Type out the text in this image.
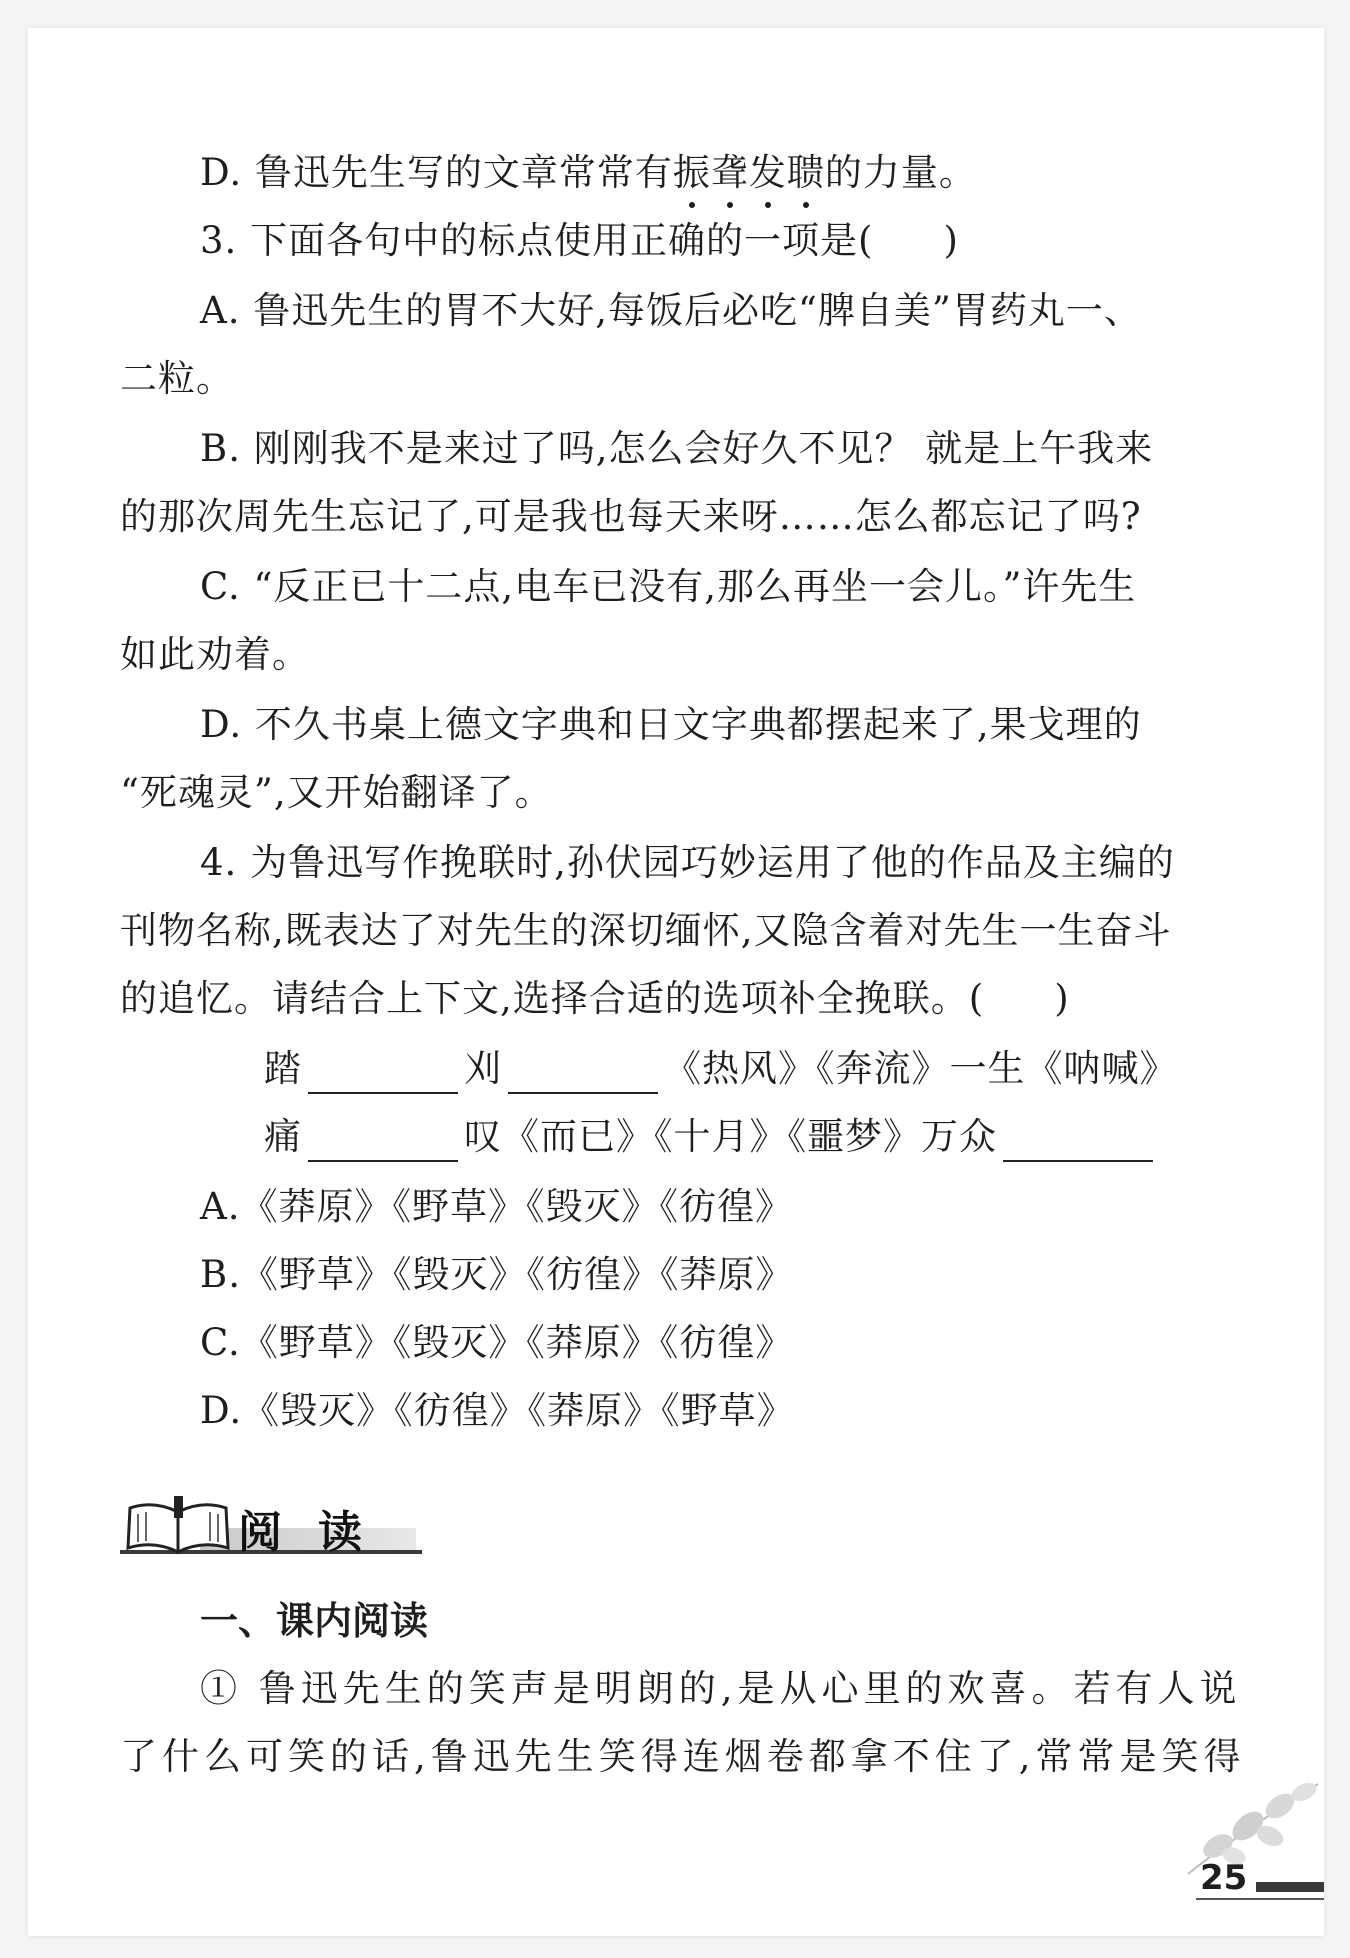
D. 鲁迅先生写的文章常常有振聋发聩的力量。
3. 下面各句中的标点使用正确的一项是( )
A. 鲁迅先生的胃不大好,每饭后必吃“脾自美”胃药丸一、
二粒。
B. 刚刚我不是来过了吗,怎么会好久不见？ 就是上午我来
的那次周先生忘记了,可是我也每天来呀……怎么都忘记了吗?
C. “反正已十二点,电车已没有,那么再坐一会儿。”许先生
如此劝着。
D. 不久书桌上德文字典和日文字典都摆起来了,果戈理的
“死魂灵”,又开始翻译了。
4. 为鲁迅写作挽联时,孙伏园巧妙运用了他的作品及主编的
刊物名称,既表达了对先生的深切缅怀,又隐含着对先生一生奋斗
的追忆。请结合上下文,选择合适的选项补全挽联。( )
踏	刈	《热风》《奔流》一生《呐喊》
痛	叹《而已》《十月》《噩梦》万众
A.《莽原》《野草》《毁灭》《彷徨》
B.《野草》《毁灭》《彷徨》《莽原》
C.《野草》《毁灭》《莽原》《彷徨》
D.《毁灭》《彷徨》《莽原》《野草》
阅读
一、课内阅读
① 鲁迅先生的笑声是明朗的,是从心里的欢喜。若有人说
了什么可笑的话,鲁迅先生笑得连烟卷都拿不住了,常常是笑得
25
